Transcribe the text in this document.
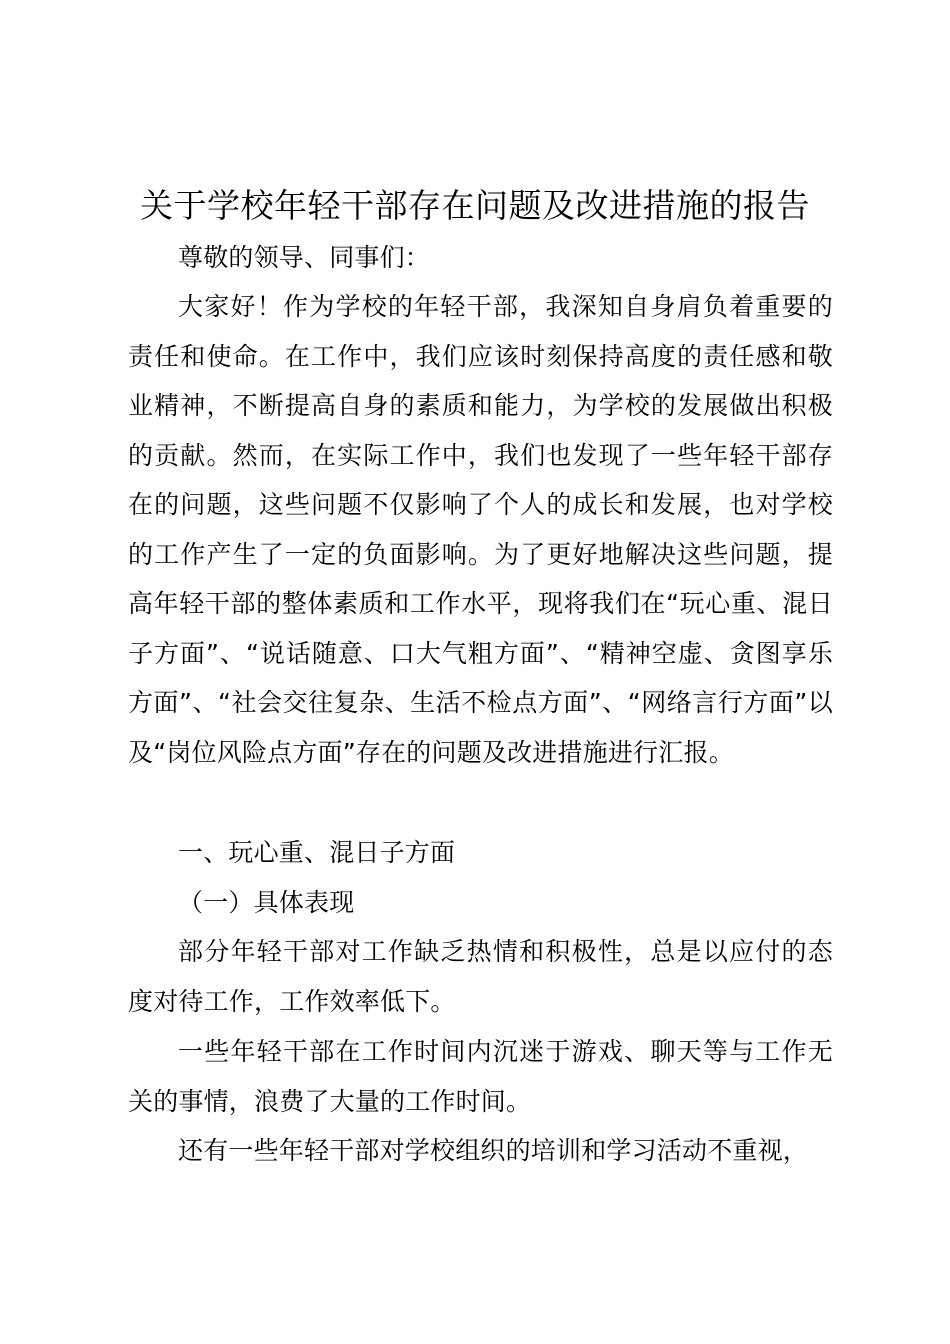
关于学校年轻干部存在问题及改进措施的报告
尊敬的领导、同事们：
大家好！作为学校的年轻干部，我深知自身肩负着重要的责任和使命。在工作中，我们应该时刻保持高度的责任感和敬业精神，不断提高自身的素质和能力，为学校的发展做出积极的贡献。然而，在实际工作中，我们也发现了一些年轻干部存在的问题，这些问题不仅影响了个人的成长和发展，也对学校的工作产生了一定的负面影响。为了更好地解决这些问题，提高年轻干部的整体素质和工作水平，现将我们在“玩心重、混日子方面”、“说话随意、口大气粗方面”、“精神空虚、贪图享乐方面”、“社会交往复杂、生活不检点方面”、“网络言行方面”以及“岗位风险点方面”存在的问题及改进措施进行汇报。
一、玩心重、混日子方面
（一）具体表现
部分年轻干部对工作缺乏热情和积极性，总是以应付的态度对待工作，工作效率低下。
一些年轻干部在工作时间内沉迷于游戏、聊天等与工作无关的事情，浪费了大量的工作时间。
还有一些年轻干部对学校组织的培训和学习活动不重视，
